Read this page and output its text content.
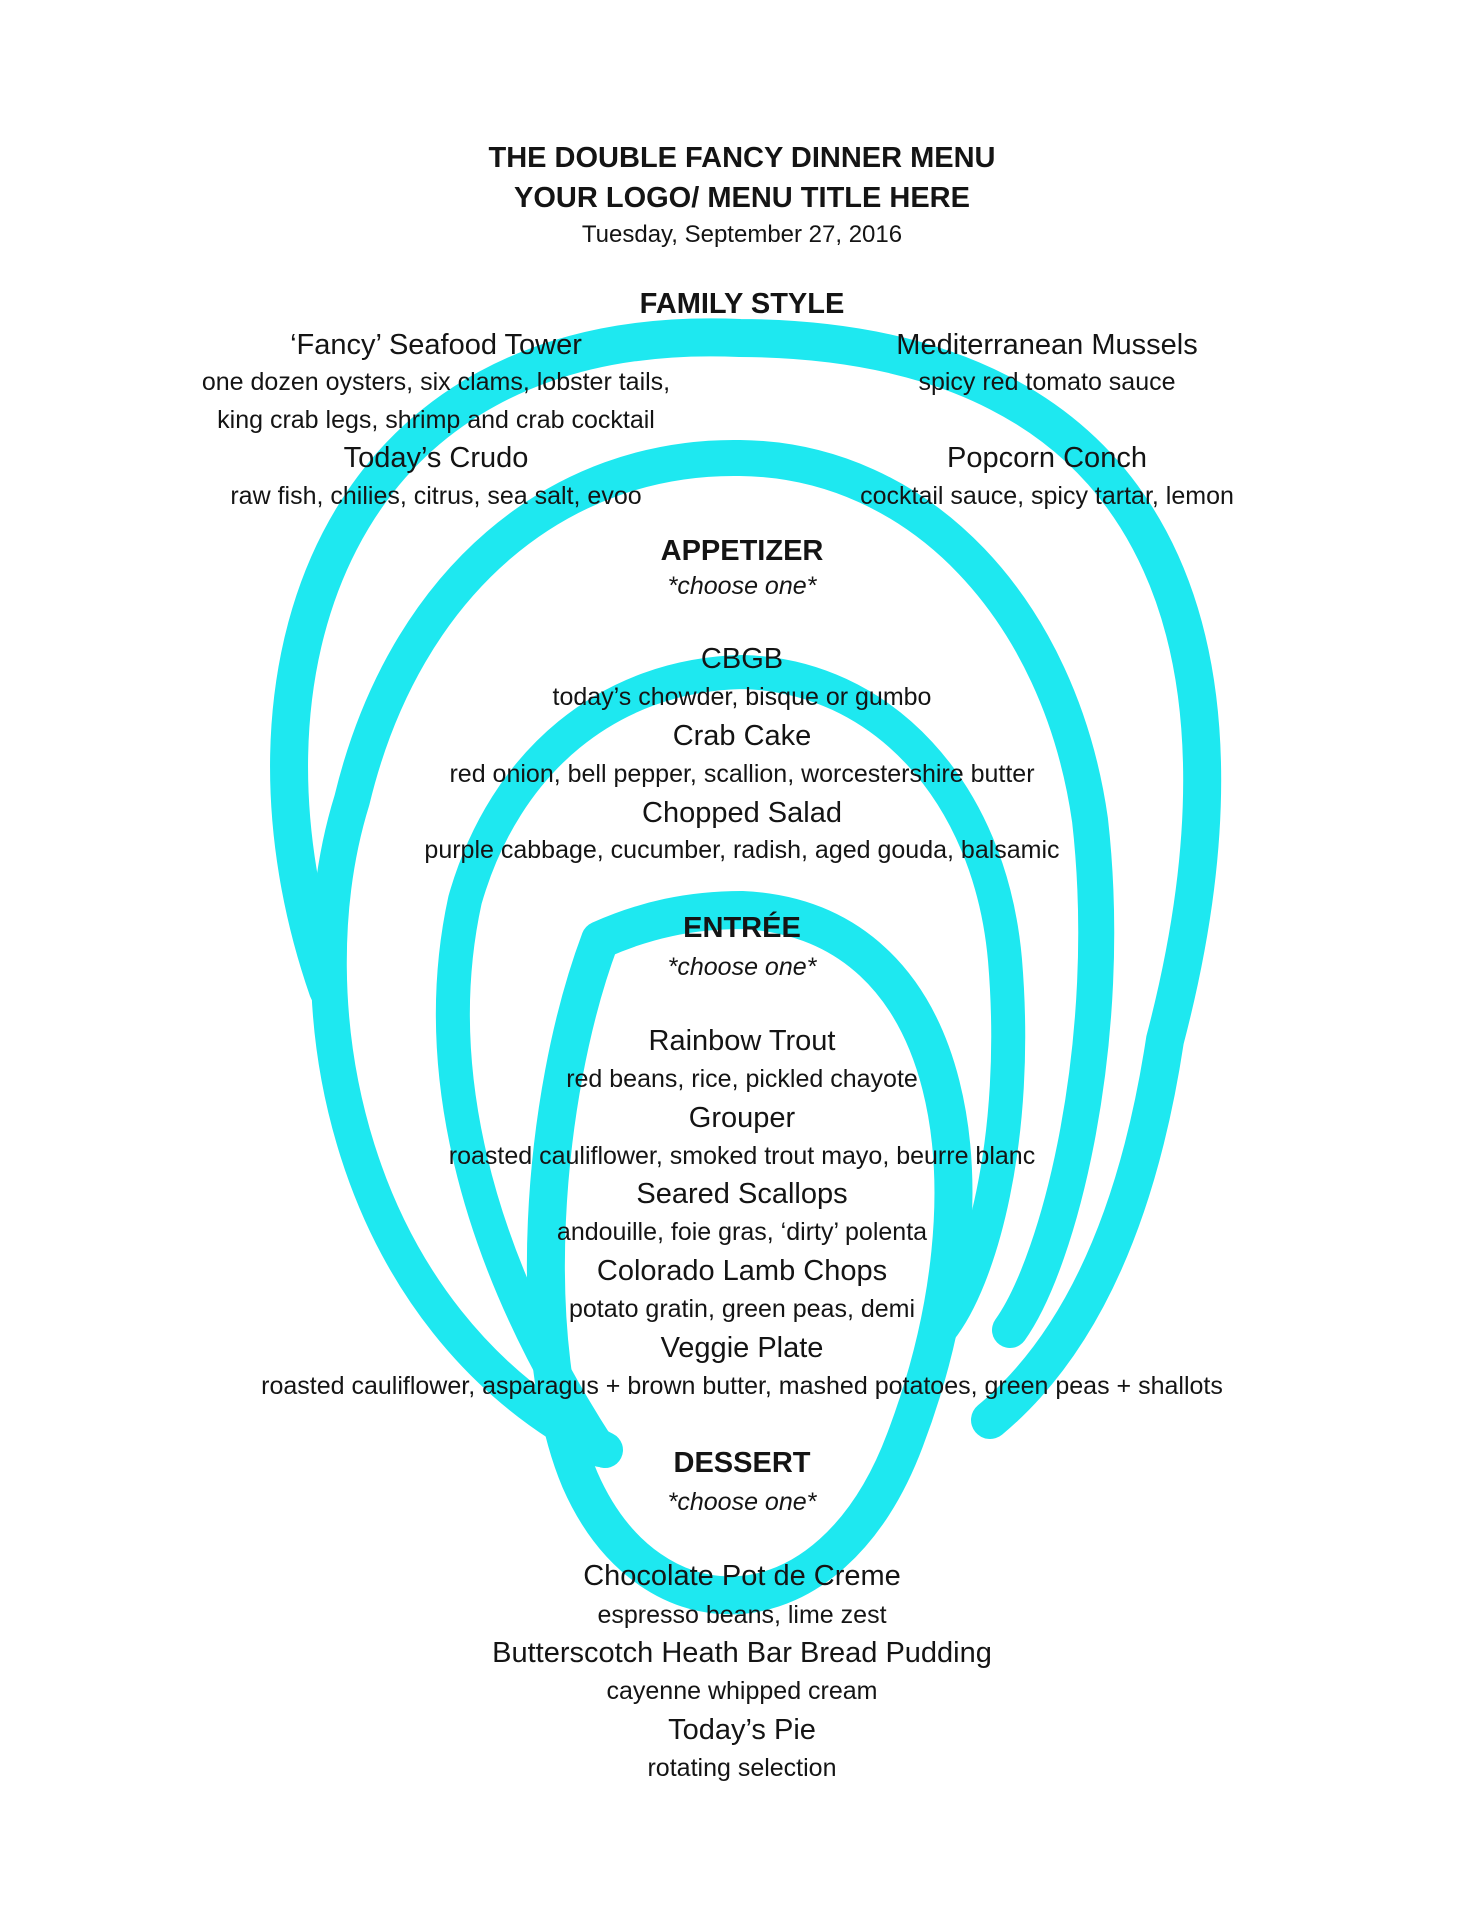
THE DOUBLE FANCY DINNER MENU
YOUR LOGO/ MENU TITLE HERE
Tuesday, September 27, 2016
FAMILY STYLE
‘Fancy’ Seafood Tower
one dozen oysters, six clams, lobster tails,
king crab legs, shrimp and crab cocktail
Today’s Crudo
raw fish, chilies, citrus, sea salt, evoo
Mediterranean Mussels
spicy red tomato sauce
Popcorn Conch
cocktail sauce, spicy tartar, lemon
APPETIZER
*choose one*
CBGB
today’s chowder, bisque or gumbo
Crab Cake
red onion, bell pepper, scallion, worcestershire butter
Chopped Salad
purple cabbage, cucumber, radish, aged gouda, balsamic
ENTRÉE
*choose one*
Rainbow Trout
red beans, rice, pickled chayote
Grouper
roasted cauliflower, smoked trout mayo, beurre blanc
Seared Scallops
andouille, foie gras, ‘dirty’ polenta
Colorado Lamb Chops
potato gratin, green peas, demi
Veggie Plate
roasted cauliflower, asparagus + brown butter, mashed potatoes, green peas + shallots
DESSERT
*choose one*
Chocolate Pot de Creme
espresso beans, lime zest
Butterscotch Heath Bar Bread Pudding
cayenne whipped cream
Today’s Pie
rotating selection
